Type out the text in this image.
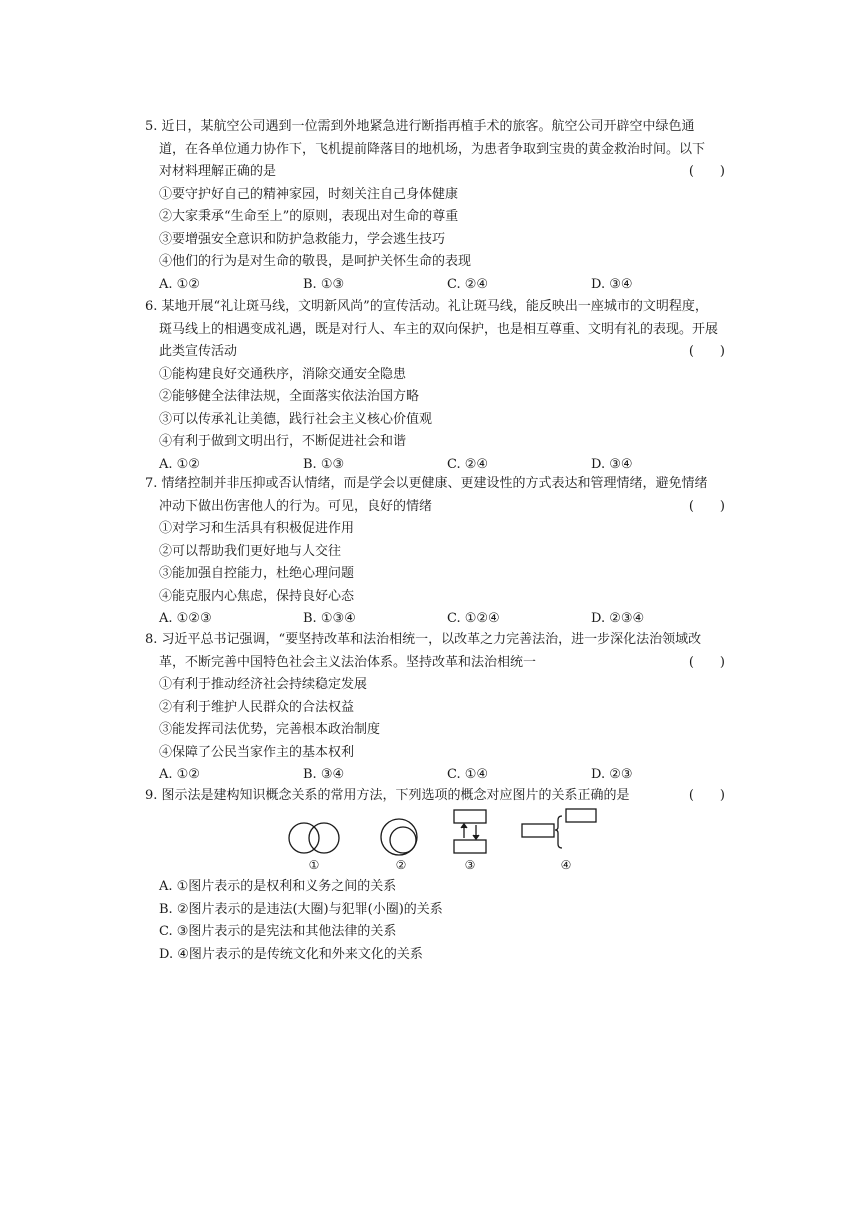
5. 近日，某航空公司遇到一位需到外地紧急进行断指再植手术的旅客。航空公司开辟空中绿色通
道，在各单位通力协作下，飞机提前降落目的地机场，为患者争取到宝贵的黄金救治时间。以下
对材料理解正确的是	(　　)
①要守护好自己的精神家园，时刻关注自己身体健康
②大家秉承“生命至上”的原则，表现出对生命的尊重
③要增强安全意识和防护急救能力，学会逃生技巧
④他们的行为是对生命的敬畏，是呵护关怀生命的表现
A. ①②	B. ①③	C. ②④	D. ③④
6. 某地开展“礼让斑马线，文明新风尚”的宣传活动。礼让斑马线，能反映出一座城市的文明程度，
斑马线上的相遇变成礼遇，既是对行人、车主的双向保护，也是相互尊重、文明有礼的表现。开展
此类宣传活动	(　　)
①能构建良好交通秩序，消除交通安全隐患
②能够健全法律法规，全面落实依法治国方略
③可以传承礼让美德，践行社会主义核心价值观
④有利于做到文明出行，不断促进社会和谐
A. ①②	B. ①③	C. ②④	D. ③④
7. 情绪控制并非压抑或否认情绪，而是学会以更健康、更建设性的方式表达和管理情绪，避免情绪
冲动下做出伤害他人的行为。可见，良好的情绪	(　　)
①对学习和生活具有积极促进作用
②可以帮助我们更好地与人交往
③能加强自控能力，杜绝心理问题
④能克服内心焦虑，保持良好心态
A. ①②③	B. ①③④	C. ①②④	D. ②③④
8. 习近平总书记强调，“要坚持改革和法治相统一，以改革之力完善法治，进一步深化法治领域改
革，不断完善中国特色社会主义法治体系。坚持改革和法治相统一	(　　)
①有利于推动经济社会持续稳定发展
②有利于维护人民群众的合法权益
③能发挥司法优势，完善根本政治制度
④保障了公民当家作主的基本权利
A. ①②	B. ③④	C. ①④	D. ②③
9. 图示法是建构知识概念关系的常用方法，下列选项的概念对应图片的关系正确的是	(　　)
①	②	③	④
A. ①图片表示的是权利和义务之间的关系
B. ②图片表示的是违法(大圈)与犯罪(小圈)的关系
C. ③图片表示的是宪法和其他法律的关系
D. ④图片表示的是传统文化和外来文化的关系
